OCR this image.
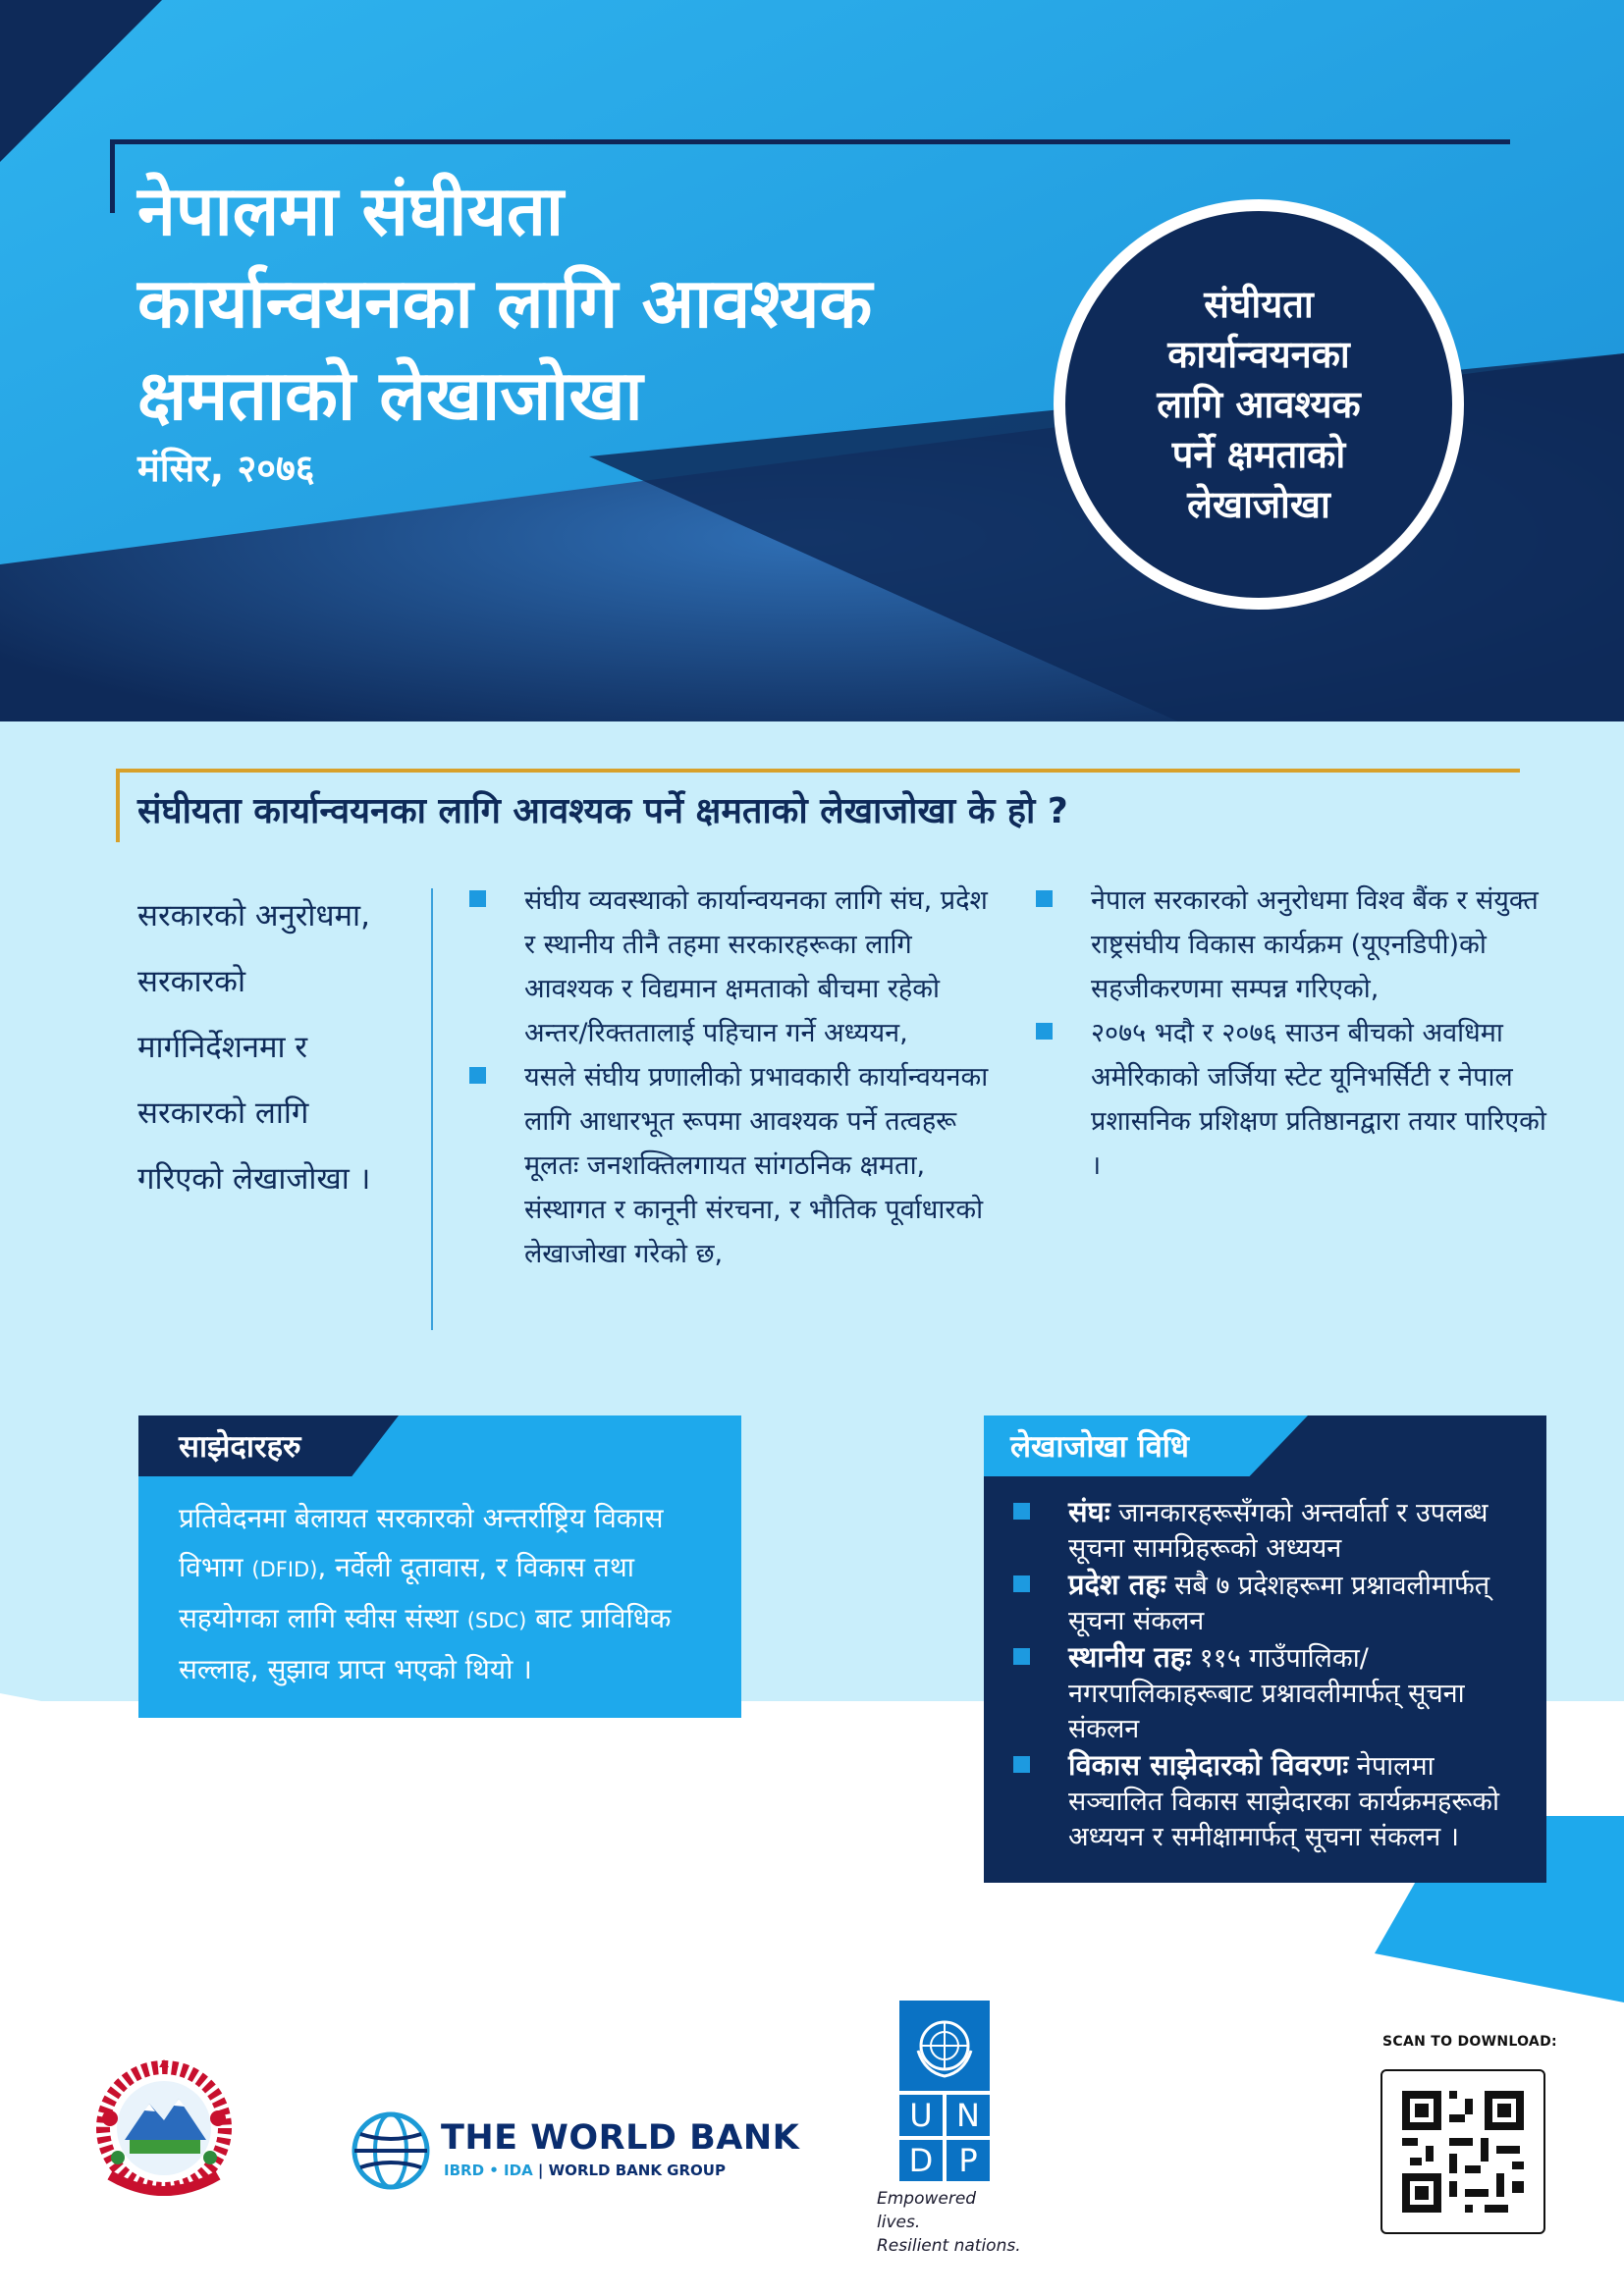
नेपालमा संघीयता
कार्यान्वयनका लागि आवश्यक
क्षमताको लेखाजोखा
मंसिर, २०७६
संघीयता
कार्यान्वयनका
लागि आवश्यक
पर्ने क्षमताको
लेखाजोखा
संघीयता कार्यान्वयनका लागि आवश्यक पर्ने क्षमताको लेखाजोखा के हो ?
सरकारको अनुरोधमा,
सरकारको
मार्गनिर्देशनमा र
सरकारको लागि
गरिएको लेखाजोखा ।
संघीय व्यवस्थाको कार्यान्वयनका लागि संघ, प्रदेश र स्थानीय तीनै तहमा सरकारहरूका लागि आवश्यक र विद्यमान क्षमताको बीचमा रहेको अन्तर/रिक्ततालाई पहिचान गर्ने अध्ययन,
यसले संघीय प्रणालीको प्रभावकारी कार्यान्वयनका लागि आधारभूत रूपमा आवश्यक पर्ने तत्वहरू मूलतः जनशक्तिलगायत सांगठनिक क्षमता, संस्थागत र कानूनी संरचना, र भौतिक पूर्वाधारको लेखाजोखा गरेको छ,
नेपाल सरकारको अनुरोधमा विश्व बैंक र संयुक्त राष्ट्रसंघीय विकास कार्यक्रम (यूएनडिपी)को सहजीकरणमा सम्पन्न गरिएको,
२०७५ भदौ र २०७६ साउन बीचको अवधिमा अमेरिकाको जर्जिया स्टेट यूनिभर्सिटी र नेपाल प्रशासनिक प्रशिक्षण प्रतिष्ठानद्वारा तयार पारिएको ।
साझेदारहरु
प्रतिवेदनमा बेलायत सरकारको अन्तर्राष्ट्रिय विकास विभाग (DFID), नर्वेली दूतावास, र विकास तथा सहयोगका लागि स्वीस संस्था (SDC) बाट प्राविधिक सल्लाह, सुझाव प्राप्त भएको थियो ।
लेखाजोखा विधि
संघः जानकारहरूसँगको अन्तर्वार्ता र उपलब्ध सूचना सामग्रिहरूको अध्ययन
प्रदेश तहः सबै ७ प्रदेशहरूमा प्रश्नावलीमार्फत् सूचना संकलन
स्थानीय तहः ११५ गाउँपालिका/नगरपालिकाहरूबाट प्रश्नावलीमार्फत् सूचना संकलन
विकास साझेदारको विवरणः नेपालमा सञ्चालित विकास साझेदारका कार्यक्रमहरूको अध्ययन र समीक्षामार्फत् सूचना संकलन ।
THE WORLD BANK
IBRD • IDA | WORLD BANK GROUP
U N
D P
Empowered lives.
Resilient nations.
SCAN TO DOWNLOAD:
